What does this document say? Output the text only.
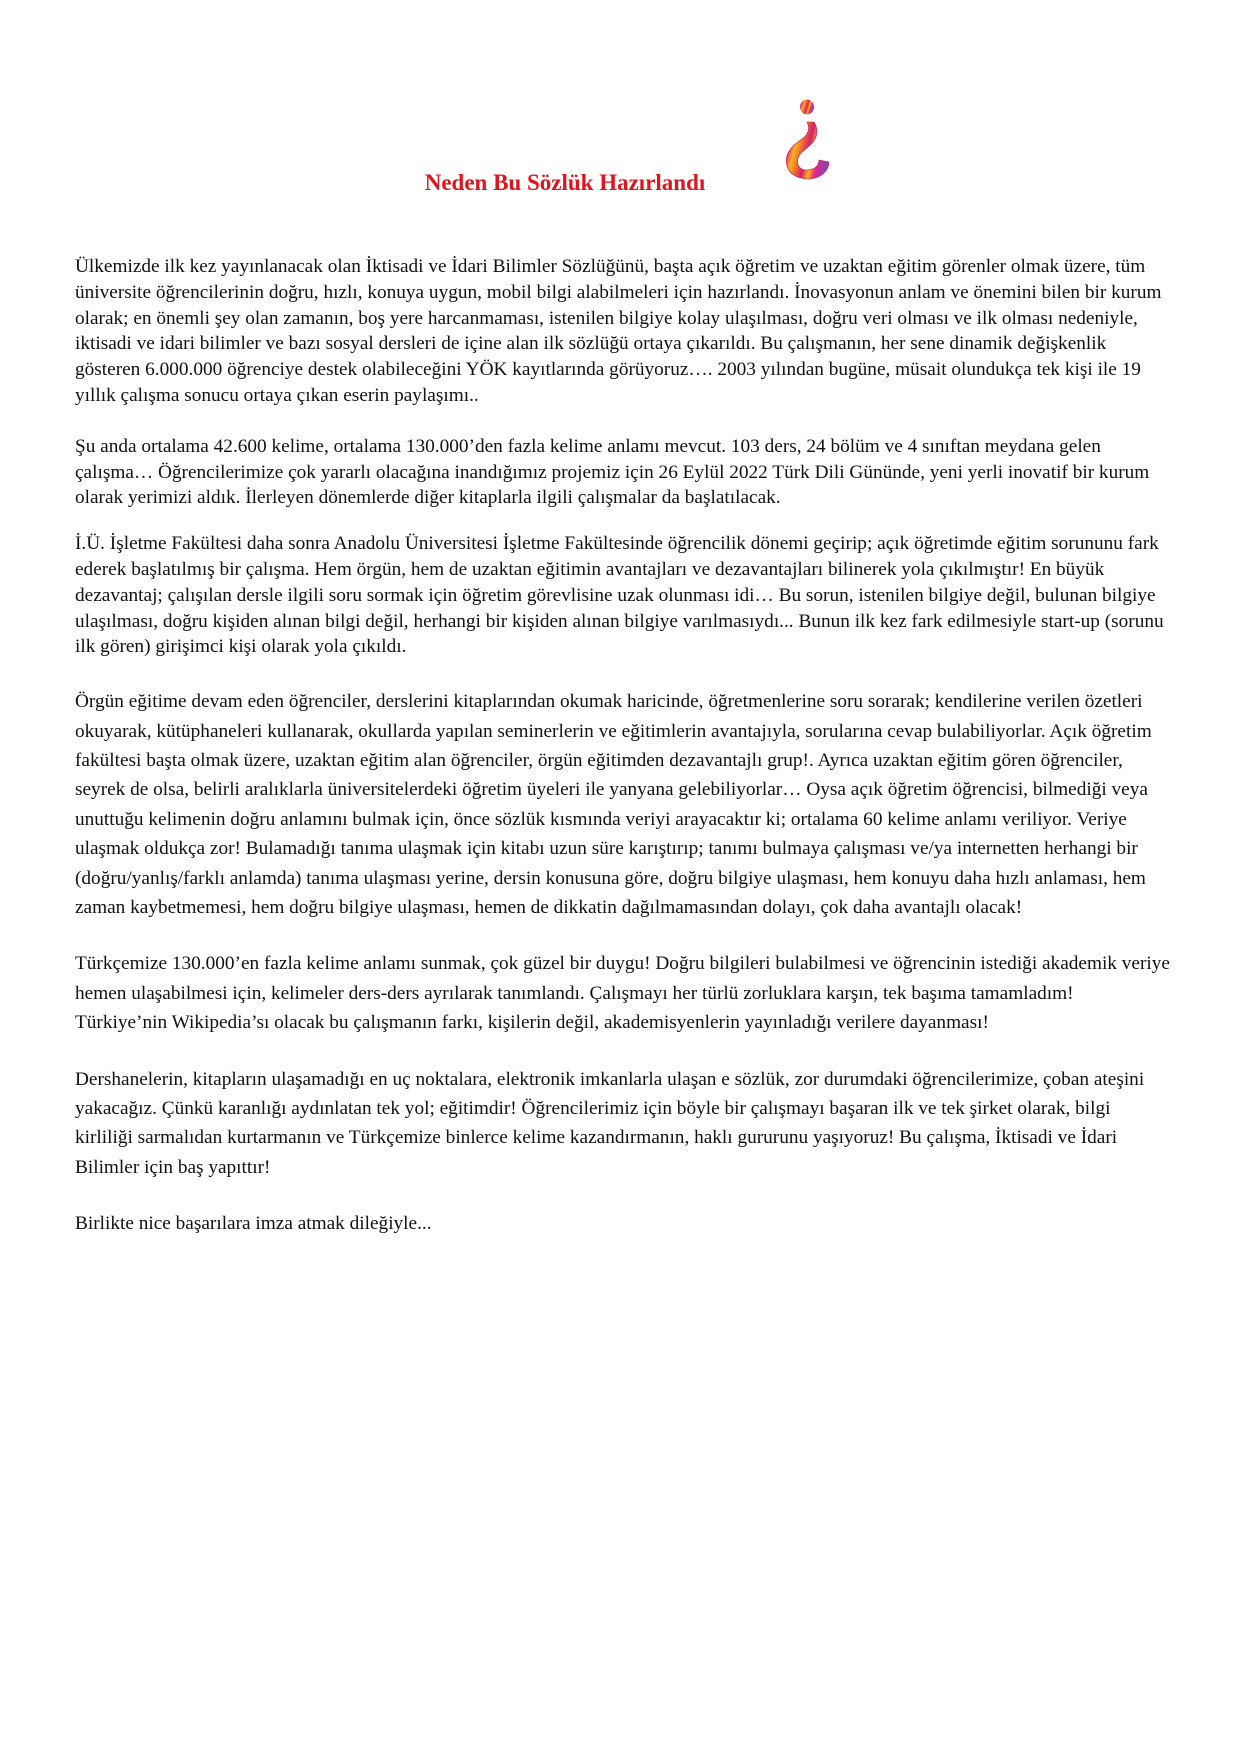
Neden Bu Sözlük Hazırlandı

Ülkemizde ilk kez yayınlanacak olan İktisadi ve İdari Bilimler Sözlüğünü, başta açık öğretim ve uzaktan eğitim görenler olmak üzere, tüm üniversite öğrencilerinin doğru, hızlı, konuya uygun, mobil bilgi alabilmeleri için hazırlandı. İnovasyonun anlam ve önemini bilen bir kurum olarak; en önemli şey olan zamanın, boş yere harcanmaması, istenilen bilgiye kolay ulaşılması, doğru veri olması ve ilk olması nedeniyle, iktisadi ve idari bilimler ve bazı sosyal dersleri de içine alan ilk sözlüğü ortaya çıkarıldı. Bu çalışmanın, her sene dinamik değişkenlik gösteren 6.000.000 öğrenciye destek olabileceğini YÖK kayıtlarında görüyoruz…. 2003 yılından bugüne, müsait olundukça tek kişi ile 19 yıllık çalışma sonucu ortaya çıkan eserin paylaşımı..

Şu anda ortalama 42.600 kelime, ortalama 130.000’den fazla kelime anlamı mevcut. 103 ders, 24 bölüm ve 4 sınıftan meydana gelen çalışma… Öğrencilerimize çok yararlı olacağına inandığımız projemiz için 26 Eylül 2022 Türk Dili Gününde, yeni yerli inovatif bir kurum olarak yerimizi aldık. İlerleyen dönemlerde diğer kitaplarla ilgili çalışmalar da başlatılacak.

İ.Ü. İşletme Fakültesi daha sonra Anadolu Üniversitesi İşletme Fakültesinde öğrencilik dönemi geçirip; açık öğretimde eğitim sorununu fark ederek başlatılmış bir çalışma. Hem örgün, hem de uzaktan eğitimin avantajları ve dezavantajları bilinerek yola çıkılmıştır! En büyük dezavantaj; çalışılan dersle ilgili soru sormak için öğretim görevlisine uzak olunması idi… Bu sorun, istenilen bilgiye değil, bulunan bilgiye ulaşılması, doğru kişiden alınan bilgi değil, herhangi bir kişiden alınan bilgiye varılmasıydı... Bunun ilk kez fark edilmesiyle start-up (sorunu ilk gören) girişimci kişi olarak yola çıkıldı.

Örgün eğitime devam eden öğrenciler, derslerini kitaplarından okumak haricinde, öğretmenlerine soru sorarak; kendilerine verilen özetleri okuyarak, kütüphaneleri kullanarak, okullarda yapılan seminerlerin ve eğitimlerin avantajıyla, sorularına cevap bulabiliyorlar. Açık öğretim fakültesi başta olmak üzere, uzaktan eğitim alan öğrenciler, örgün eğitimden dezavantajlı grup!. Ayrıca uzaktan eğitim gören öğrenciler, seyrek de olsa, belirli aralıklarla üniversitelerdeki öğretim üyeleri ile yanyana gelebiliyorlar… Oysa açık öğretim öğrencisi, bilmediği veya unuttuğu kelimenin doğru anlamını bulmak için, önce sözlük kısmında veriyi arayacaktır ki; ortalama 60 kelime anlamı veriliyor. Veriye ulaşmak oldukça zor! Bulamadığı tanıma ulaşmak için kitabı uzun süre karıştırıp; tanımı bulmaya çalışması ve/ya internetten herhangi bir (doğru/yanlış/farklı anlamda) tanıma ulaşması yerine, dersin konusuna göre, doğru bilgiye ulaşması, hem konuyu daha hızlı anlaması, hem zaman kaybetmemesi, hem doğru bilgiye ulaşması, hemen de dikkatin dağılmamasından dolayı, çok daha avantajlı olacak!

Türkçemize 130.000’en fazla kelime anlamı sunmak, çok güzel bir duygu! Doğru bilgileri bulabilmesi ve öğrencinin istediği akademik veriye hemen ulaşabilmesi için, kelimeler ders-ders ayrılarak tanımlandı. Çalışmayı her türlü zorluklara karşın, tek başıma tamamladım! Türkiye’nin Wikipedia’sı olacak bu çalışmanın farkı, kişilerin değil, akademisyenlerin yayınladığı verilere dayanması!

Dershanelerin, kitapların ulaşamadığı en uç noktalara, elektronik imkanlarla ulaşan e sözlük, zor durumdaki öğrencilerimize, çoban ateşini yakacağız. Çünkü karanlığı aydınlatan tek yol; eğitimdir! Öğrencilerimiz için böyle bir çalışmayı başaran ilk ve tek şirket olarak, bilgi kirliliği sarmalıdan kurtarmanın ve Türkçemize binlerce kelime kazandırmanın, haklı gururunu yaşıyoruz! Bu çalışma, İktisadi ve İdari Bilimler için baş yapıttır!

Birlikte nice başarılara imza atmak dileğiyle...
